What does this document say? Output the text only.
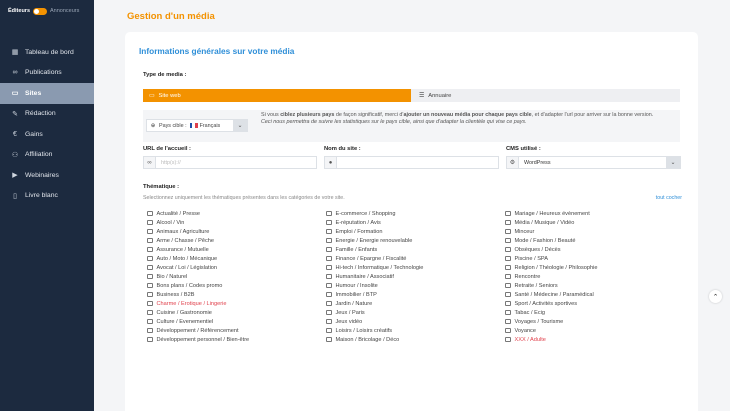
Éditeurs	Annonceurs
▦ Tableau de bord
∞ Publications
▭ Sites
✎ Rédaction
€	Gains
⚇ Affiliation
▶ Webinaires
▯	Livre blanc
Gestion d'un média
Informations générales sur votre média
Type de media :
▭ Site web	☰ Annuaire
⊕ Pays cible : Français	⌄
Si vous ciblez plusieurs pays de façon significatif, merci d'ajouter un nouveau média pour chaque pays cible, et d'adapter l'url pour arriver sur la bonne version.
Ceci nous permettra de suivre les statistiques sur le pays cible, ainsi que d'adapter la clientèle qui vise ce pays.
URL de l'accueil :
∞	http(s)://
Nom du site :
●
CMS utilisé :
⚙	WordPress	⌄
Thématique :
Selectionnez uniquement les thématiques présentes dans les catégories de votre site.	tout cocher
Actualité / Presse
Alcool / Vin
Animaux / Agriculture
Arme / Chasse / Pêche
Assurance / Mutuelle
Auto / Moto / Mécanique
Avocat / Loi / Législation
Bio / Naturel
Bons plans / Codes promo
Business / B2B
Charme / Erotique / Lingerie
Cuisine / Gastronomie
Culture / Evenementiel
Développement / Référencement
Développement personnel / Bien-être
E-commerce / Shopping
E-réputation / Avis
Emploi / Formation
Energie / Energie renouvelable
Famille / Enfants
Finance / Epargne / Fiscalité
Hi-tech / Informatique / Technologie
Humanitaire / Associatif
Humour / Insolite
Immobilier / BTP
Jardin / Nature
Jeux / Paris
Jeux vidéo
Loisirs / Loisirs créatifs
Maison / Bricolage / Déco
Mariage / Heureux évènement
Média / Musique / Vidéo
Minceur
Mode / Fashion / Beauté
Obsèques / Décès
Piscine / SPA
Religion / Théologie / Philosophie
Rencontre
Retraite / Seniors
Santé / Médecine / Paramédical
Sport / Activités sportives
Tabac / Ecig
Voyages / Tourisme
Voyance
XXX / Adulte
⌃
